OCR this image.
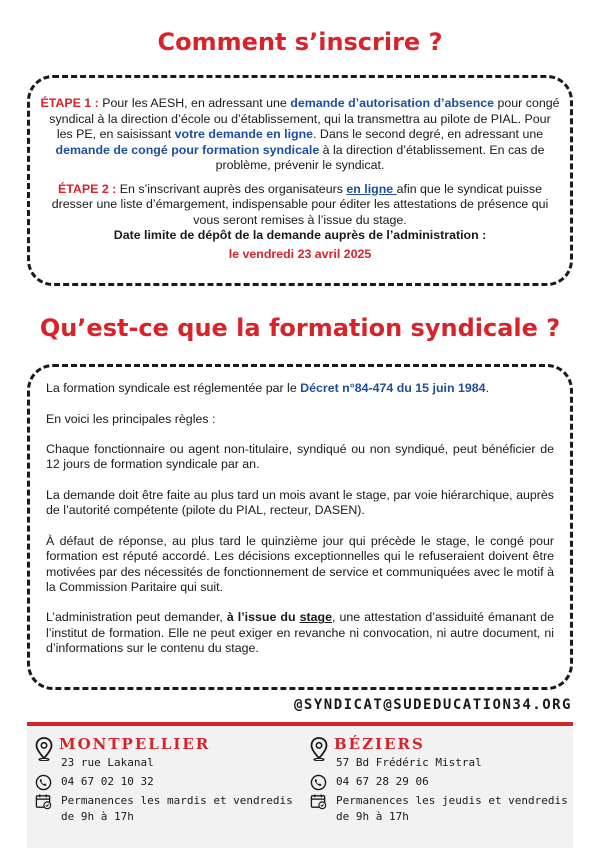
Comment s’inscrire ?

ÉTAPE 1 : Pour les AESH, en adressant une demande d’autorisation d’absence pour congé syndical à la direction d’école ou d’établissement, qui la transmettra au pilote de PIAL. Pour les PE, en saisissant votre demande en ligne. Dans le second degré, en adressant une demande de congé pour formation syndicale à la direction d’établissement. En cas de problème, prévenir le syndicat.

ÉTAPE 2 : En s’inscrivant auprès des organisateurs en ligne afin que le syndicat puisse dresser une liste d’émargement, indispensable pour éditer les attestations de présence qui vous seront remises à l’issue du stage.

Date limite de dépôt de la demande auprès de l’administration :

le vendredi 23 avril 2025

Qu’est-ce que la formation syndicale ?

La formation syndicale est réglementée par le Décret n°84-474 du 15 juin 1984.

En voici les principales règles :

Chaque fonctionnaire ou agent non-titulaire, syndiqué ou non syndiqué, peut bénéficier de 12 jours de formation syndicale par an.

La demande doit être faite au plus tard un mois avant le stage, par voie hiérarchique, auprès de l’autorité compétente (pilote du PIAL, recteur, DASEN).

À défaut de réponse, au plus tard le quinzième jour qui précède le stage, le congé pour formation est réputé accordé. Les décisions exceptionnelles qui le refuseraient doivent être motivées par des nécessités de fonctionnement de service et communiquées avec le motif à la Commission Paritaire qui suit.

L’administration peut demander, à l’issue du stage, une attestation d’assiduité émanant de l’institut de formation. Elle ne peut exiger en revanche ni convocation, ni autre document, ni d’informations sur le contenu du stage.

@SYNDICAT@SUDEDUCATION34.ORG
MONTPELLIER
23 rue Lakanal
04 67 02 10 32
Permanences les mardis et vendredis de 9h à 17h
BÉZIERS
57 Bd Frédéric Mistral
04 67 28 29 06
Permanences les jeudis et vendredis de 9h à 17h
